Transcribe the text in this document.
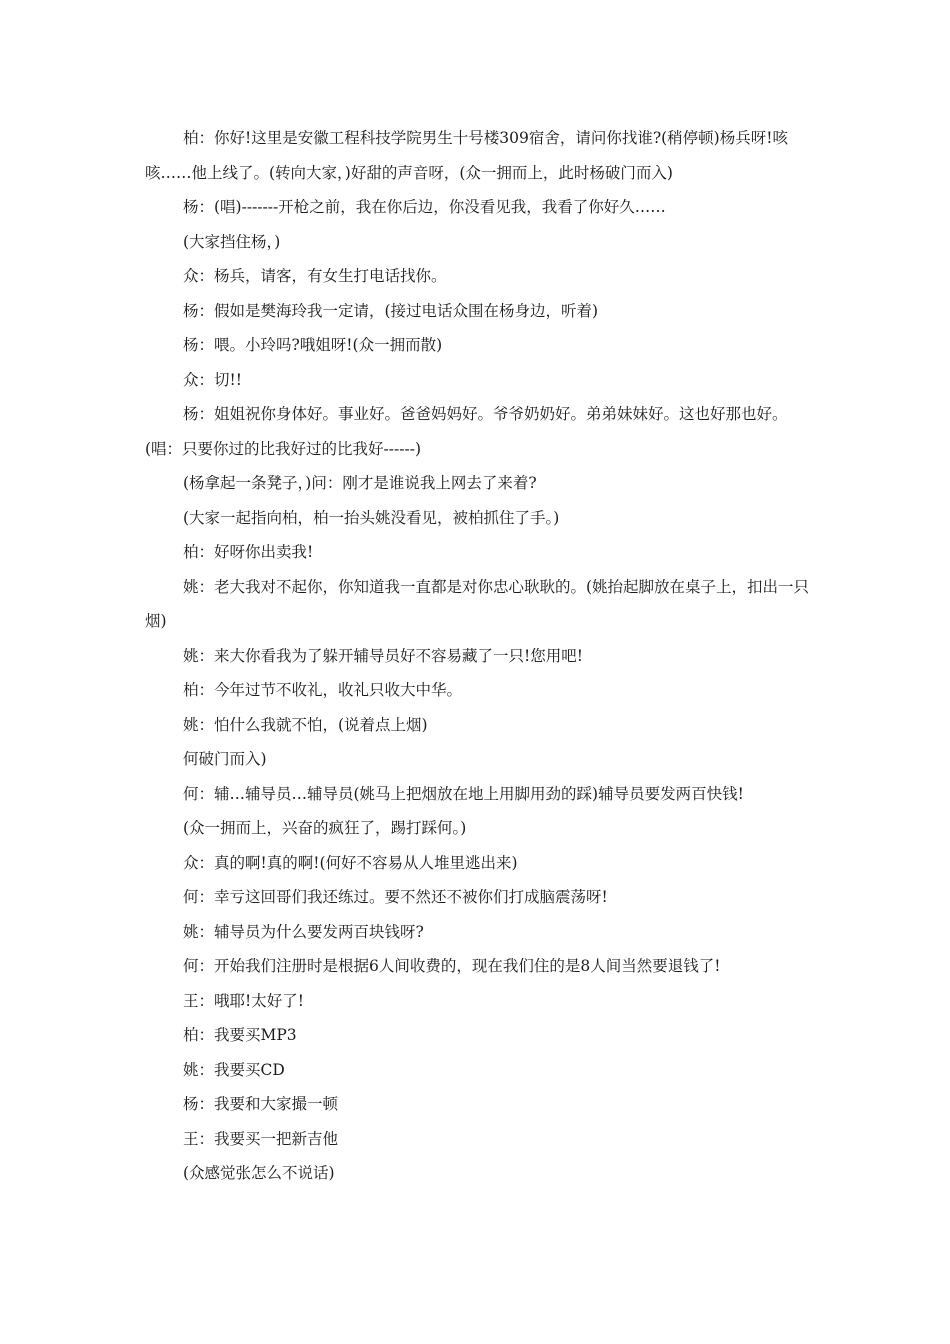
柏：你好!这里是安徽工程科技学院男生十号楼309宿舍，请问你找谁?(稍停顿)杨兵呀!咳咳……他上线了。(转向大家，)好甜的声音呀，(众一拥而上，此时杨破门而入)

杨：(唱)-------开枪之前，我在你后边，你没看见我，我看了你好久……

(大家挡住杨，)

众：杨兵，请客，有女生打电话找你。

杨：假如是樊海玲我一定请，(接过电话众围在杨身边，听着)

杨：喂。小玲吗?哦姐呀!(众一拥而散)

众：切!!

杨：姐姐祝你身体好。事业好。爸爸妈妈好。爷爷奶奶好。弟弟妹妹好。这也好那也好。(唱：只要你过的比我好过的比我好------)

(杨拿起一条凳子，)问：刚才是谁说我上网去了来着?

(大家一起指向柏，柏一抬头姚没看见，被柏抓住了手。)

柏：好呀你出卖我!

姚：老大我对不起你，你知道我一直都是对你忠心耿耿的。(姚抬起脚放在桌子上，扣出一只烟)

姚：来大你看我为了躲开辅导员好不容易藏了一只!您用吧!

柏：今年过节不收礼，收礼只收大中华。

姚：怕什么我就不怕，(说着点上烟)

何破门而入)

何：辅…辅导员…辅导员(姚马上把烟放在地上用脚用劲的踩)辅导员要发两百快钱!

(众一拥而上，兴奋的疯狂了，踢打踩何。)

众：真的啊!真的啊!(何好不容易从人堆里逃出来)

何：幸亏这回哥们我还练过。要不然还不被你们打成脑震荡呀!

姚：辅导员为什么要发两百块钱呀?

何：开始我们注册时是根据6人间收费的，现在我们住的是8人间当然要退钱了!

王：哦耶!太好了!

柏：我要买MP3

姚：我要买CD

杨：我要和大家撮一顿

王：我要买一把新吉他

(众感觉张怎么不说话)
